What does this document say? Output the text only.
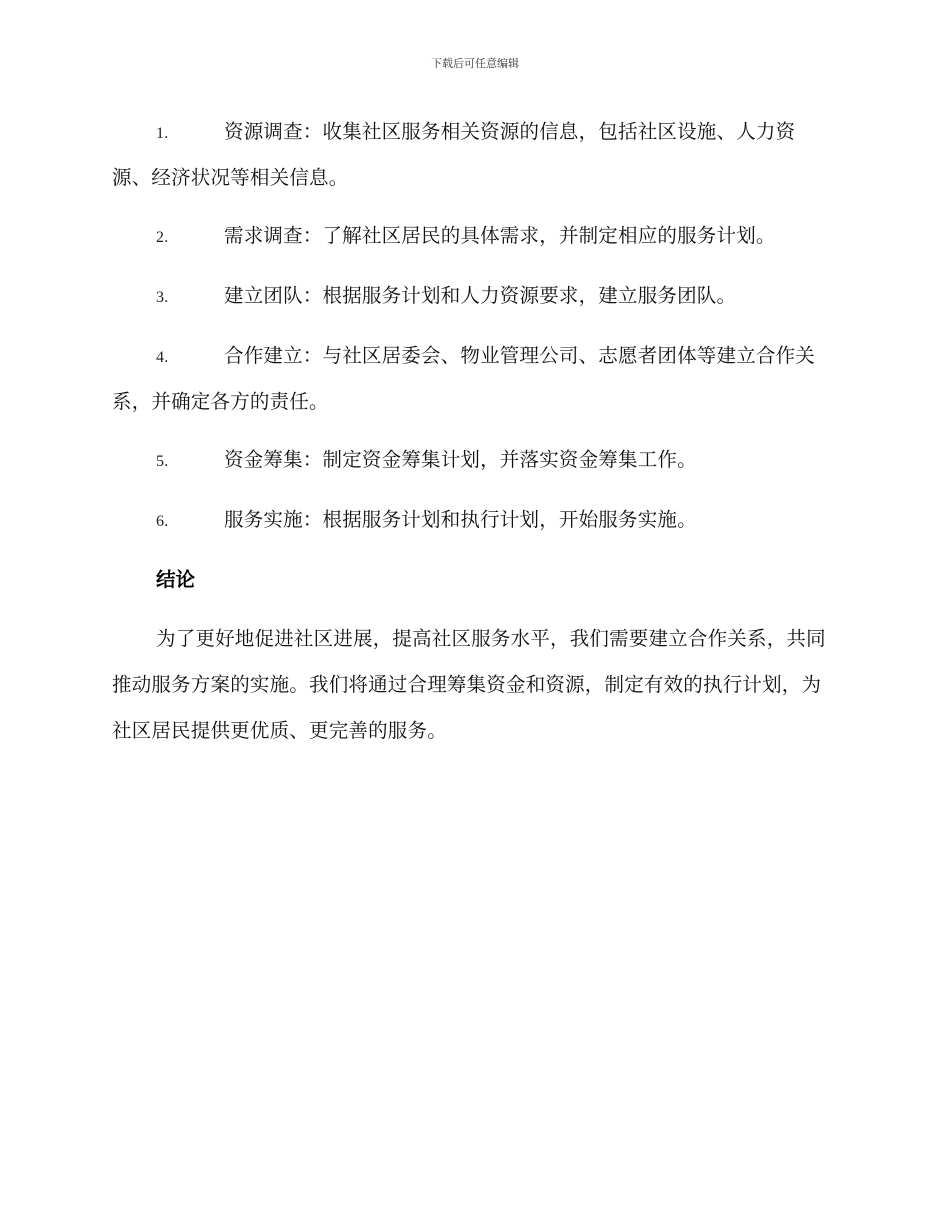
下载后可任意编辑
1.	资源调查：收集社区服务相关资源的信息，包括社区设施、人力资源、经济状况等相关信息。
2.	需求调查：了解社区居民的具体需求，并制定相应的服务计划。
3.	建立团队：根据服务计划和人力资源要求，建立服务团队。
4.	合作建立：与社区居委会、物业管理公司、志愿者团体等建立合作关系，并确定各方的责任。
5.	资金筹集：制定资金筹集计划，并落实资金筹集工作。
6.	服务实施：根据服务计划和执行计划，开始服务实施。
结论

为了更好地促进社区进展，提高社区服务水平，我们需要建立合作关系，共同推动服务方案的实施。我们将通过合理筹集资金和资源，制定有效的执行计划，为社区居民提供更优质、更完善的服务。
